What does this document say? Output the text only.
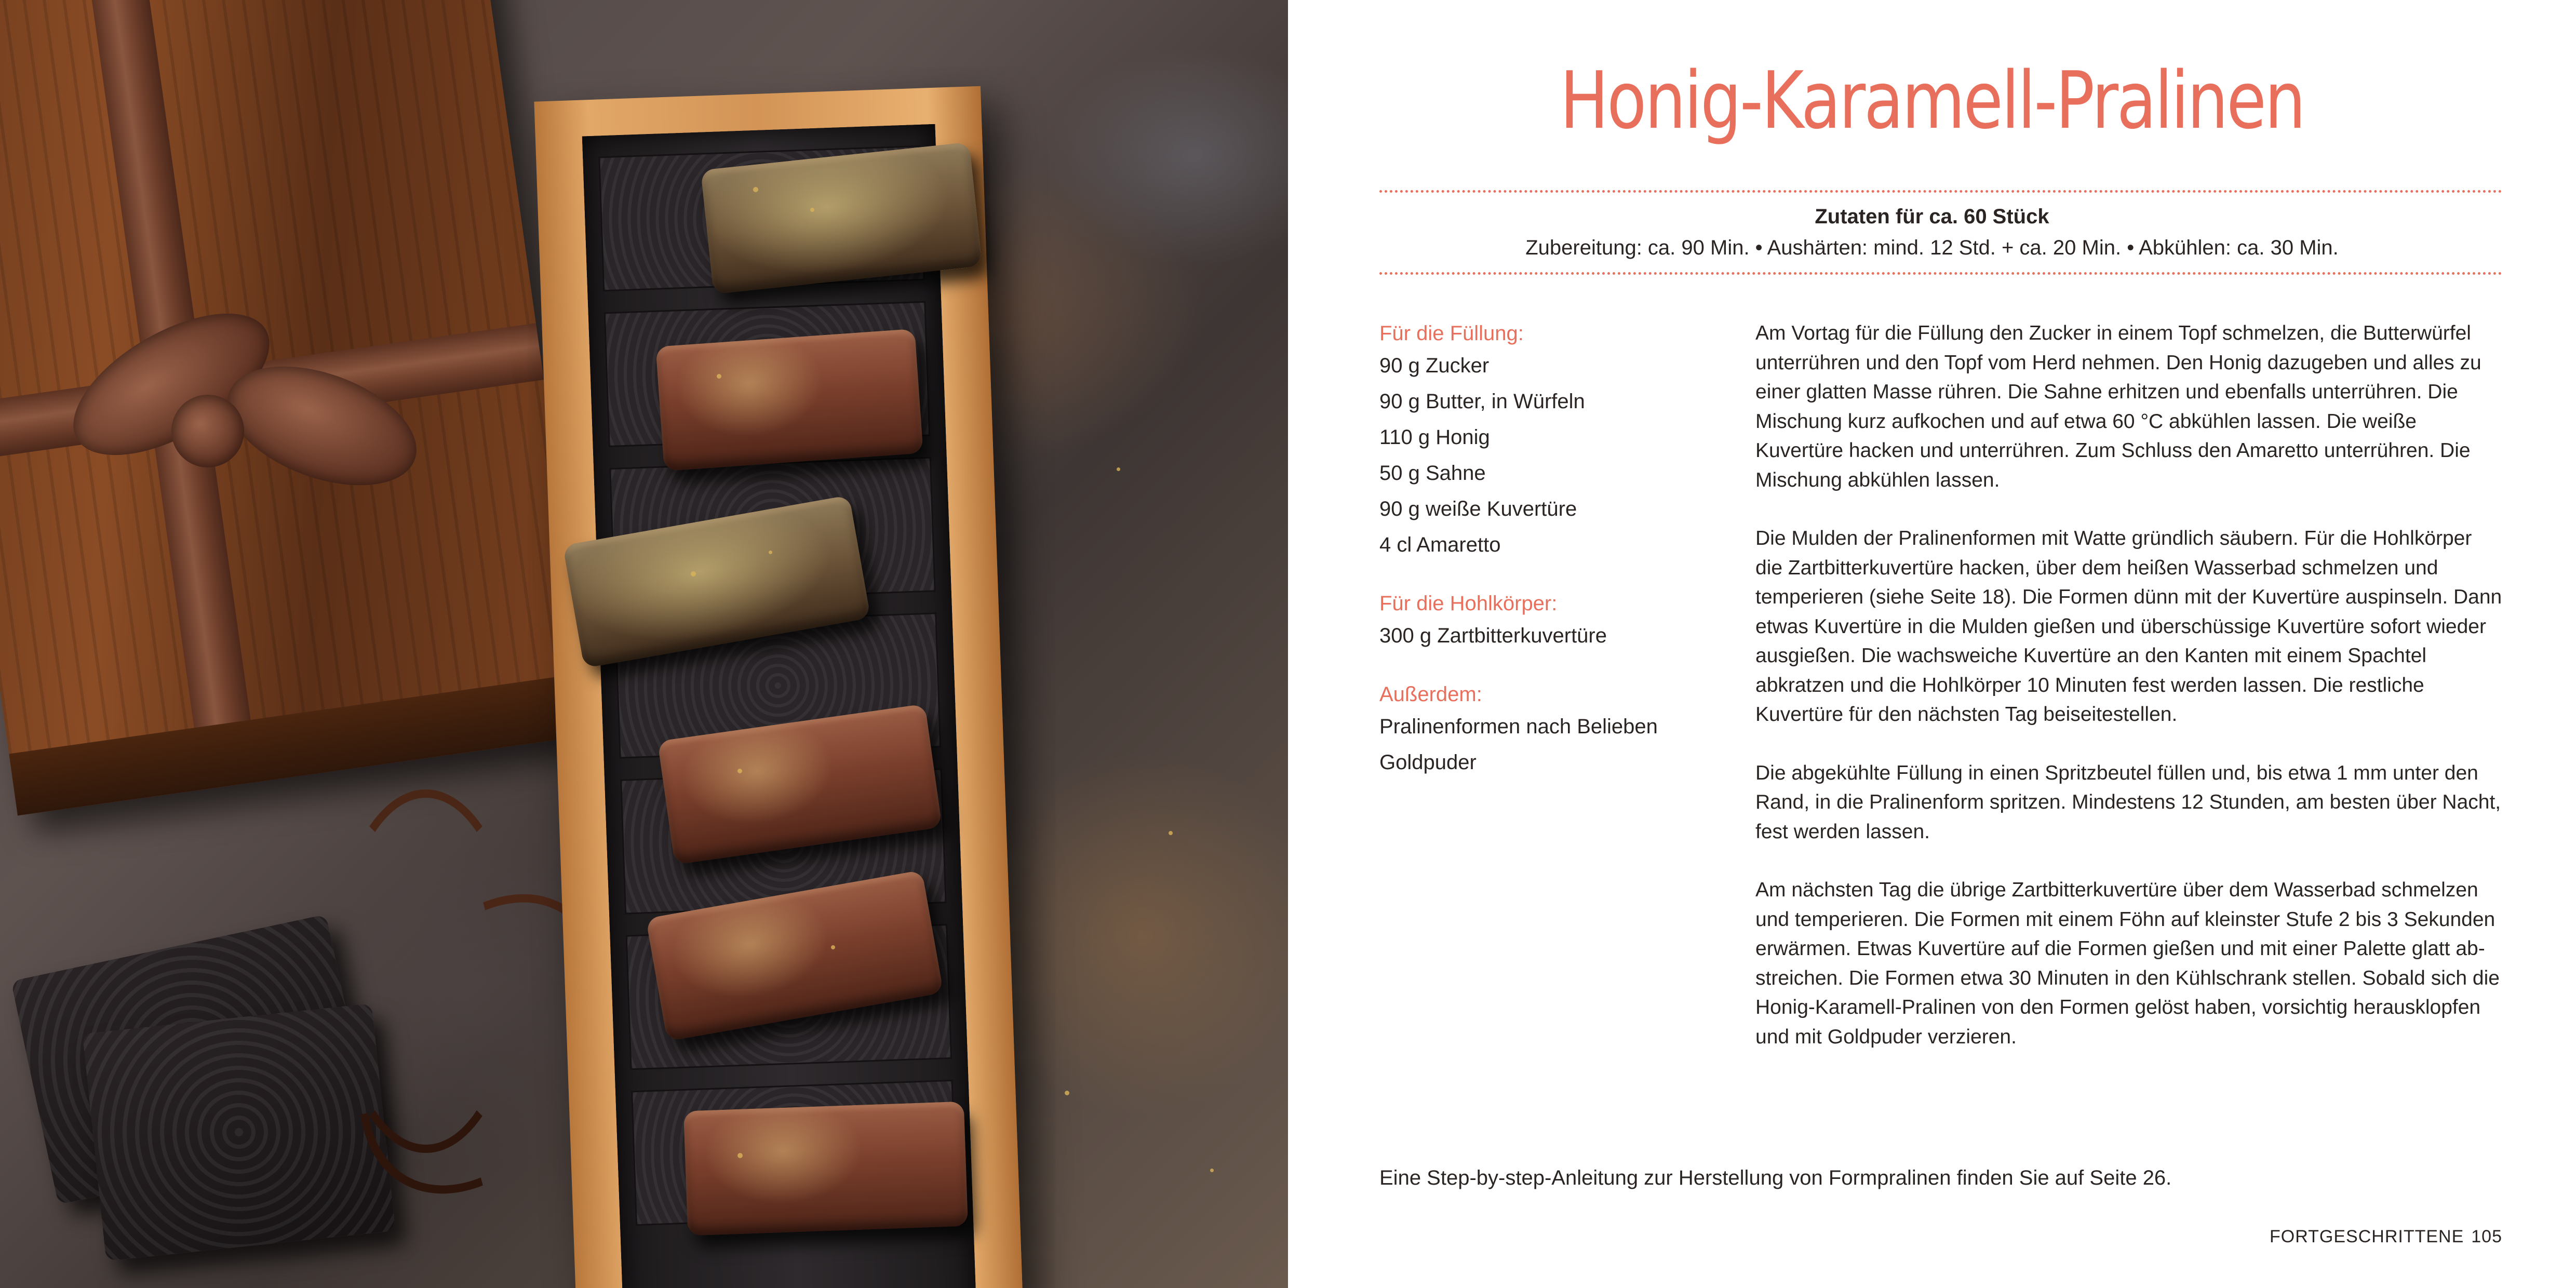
Honig-Karamell-Pralinen
Zutaten für ca. 60 Stück
Zubereitung: ca. 90 Min. • Aushärten: mind. 12 Std. + ca. 20 Min. • Abkühlen: ca. 30 Min.
Für die Füllung:
90 g Zucker
90 g Butter, in Würfeln
110 g Honig
50 g Sahne
90 g weiße Kuvertüre
4 cl Amaretto
Für die Hohlkörper:
300 g Zartbitterkuvertüre
Außerdem:
Pralinenformen nach Belieben
Goldpuder

Am Vortag für die Füllung den Zucker in einem Topf schmelzen, die Butterwürfel unterrühren und den Topf vom Herd nehmen. Den Honig dazugeben und alles zu einer glatten Masse rühren. Die Sahne erhitzen und ebenfalls unterrühren. Die Mischung kurz aufkochen und auf etwa 60 °C abkühlen lassen. Die weiße Kuvertüre hacken und unterrühren. Zum Schluss den Amaretto unterrühren. Die Mischung abkühlen lassen.

Die Mulden der Pralinenformen mit Watte gründlich säubern. Für die Hohlkörper die Zartbitterkuvertüre hacken, über dem heißen Wasserbad schmelzen und temperieren (siehe Seite 18). Die Formen dünn mit der Kuvertüre auspinseln. Dann etwas Kuvertüre in die Mulden gießen und überschüssige Kuvertüre sofort wieder ausgießen. Die wachsweiche Kuvertüre an den Kanten mit einem Spachtel abkratzen und die Hohlkörper 10 Minuten fest werden lassen. Die restliche Kuvertüre für den nächsten Tag beiseitestellen.

Die abgekühlte Füllung in einen Spritzbeutel füllen und, bis etwa 1 mm unter den Rand, in die Pralinenform spritzen. Mindestens 12 Stunden, am besten über Nacht, fest werden lassen.

Am nächsten Tag die übrige Zartbitterkuvertüre über dem Wasserbad schmelzen und temperieren. Die Formen mit einem Föhn auf kleinster Stufe 2 bis 3 Sekunden erwärmen. Etwas Kuvertüre auf die Formen gießen und mit einer Palette glatt ab-streichen. Die Formen etwa 30 Minuten in den Kühlschrank stellen. Sobald sich die Honig-Karamell-Pralinen von den Formen gelöst haben, vorsichtig herausklopfen und mit Goldpuder verzieren.

Eine Step-by-step-Anleitung zur Herstellung von Formpralinen finden Sie auf Seite 26.
FORTGESCHRITTENE 105
